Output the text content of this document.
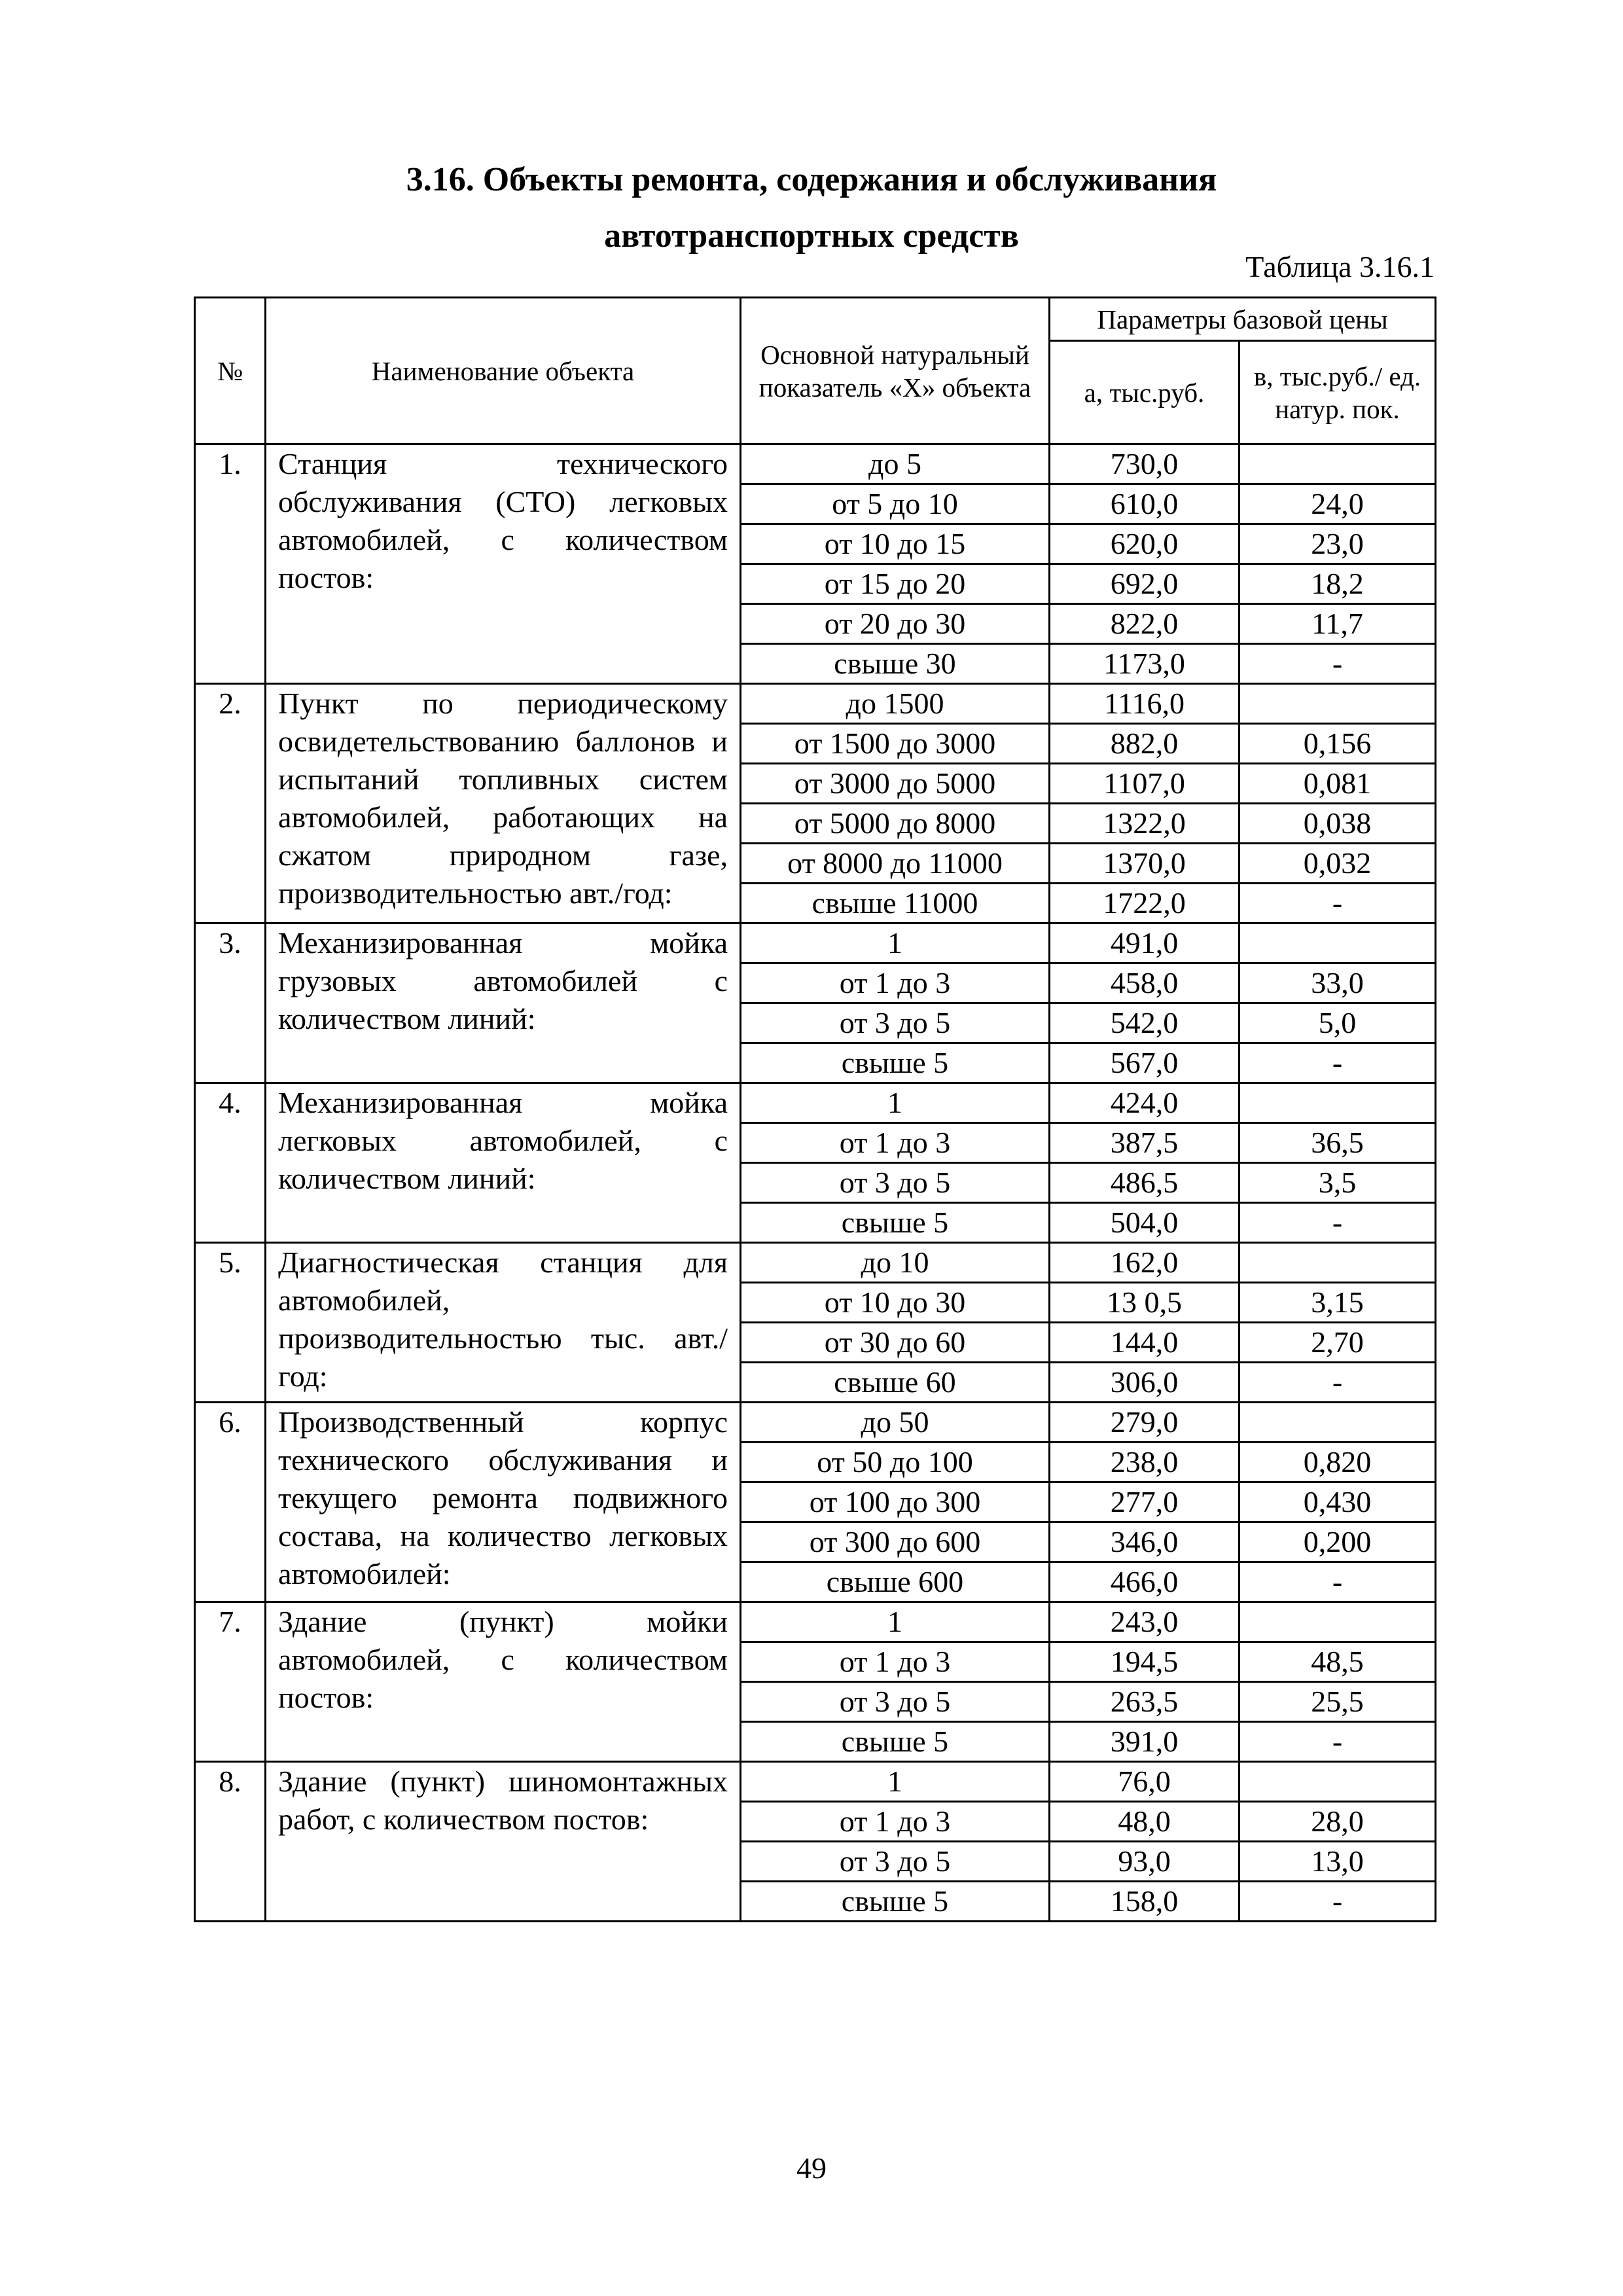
3.16. Объекты ремонта, содержания и обслуживания
автотранспортных средств
Таблица 3.16.1
№	Наименование объекта	Основной натуральный показатель «X» объекта	Параметры базовой цены	
			а, тыс.руб.	в, тыс.руб./ ед. натур. пок.
1.	Станция технического обслуживания (СТО) легковых автомобилей, с количеством постов:	до 5	730,0	
		от 5 до 10	610,0	24,0
		от 10 до 15	620,0	23,0
		от 15 до 20	692,0	18,2
		от 20 до 30	822,0	11,7
		свыше 30	1173,0	-
2.	Пункт по периодическому освидетельствованию баллонов и испытаний топливных систем автомобилей, работающих на сжатом природном газе, производительностью авт./год:	до 1500	1116,0	
		от 1500 до 3000	882,0	0,156
		от 3000 до 5000	1107,0	0,081
		от 5000 до 8000	1322,0	0,038
		от 8000 до 11000	1370,0	0,032
		свыше 11000	1722,0	-
3.	Механизированная мойка грузовых автомобилей с количеством линий:	1	491,0	
		от 1 до 3	458,0	33,0
		от 3 до 5	542,0	5,0
		свыше 5	567,0	-
4.	Механизированная мойка легковых автомобилей, с количеством линий:	1	424,0	
		от 1 до 3	387,5	36,5
		от 3 до 5	486,5	3,5
		свыше 5	504,0	-
5.	Диагностическая станция для автомобилей, производительностью тыс. авт./ год:	до 10	162,0	
		от 10 до 30	13 0,5	3,15
		от 30 до 60	144,0	2,70
		свыше 60	306,0	-
6.	Производственный корпус технического обслуживания и текущего ремонта подвижного состава, на количество легковых автомобилей:	до 50	279,0	
		от 50 до 100	238,0	0,820
		от 100 до 300	277,0	0,430
		от 300 до 600	346,0	0,200
		свыше 600	466,0	-
7.	Здание (пункт) мойки автомобилей, с количеством постов:	1	243,0	
		от 1 до 3	194,5	48,5
		от 3 до 5	263,5	25,5
		свыше 5	391,0	-
8.	Здание (пункт) шиномонтажных работ, с количеством постов:	1	76,0	
		от 1 до 3	48,0	28,0
		от 3 до 5	93,0	13,0
		свыше 5	158,0	-
49
